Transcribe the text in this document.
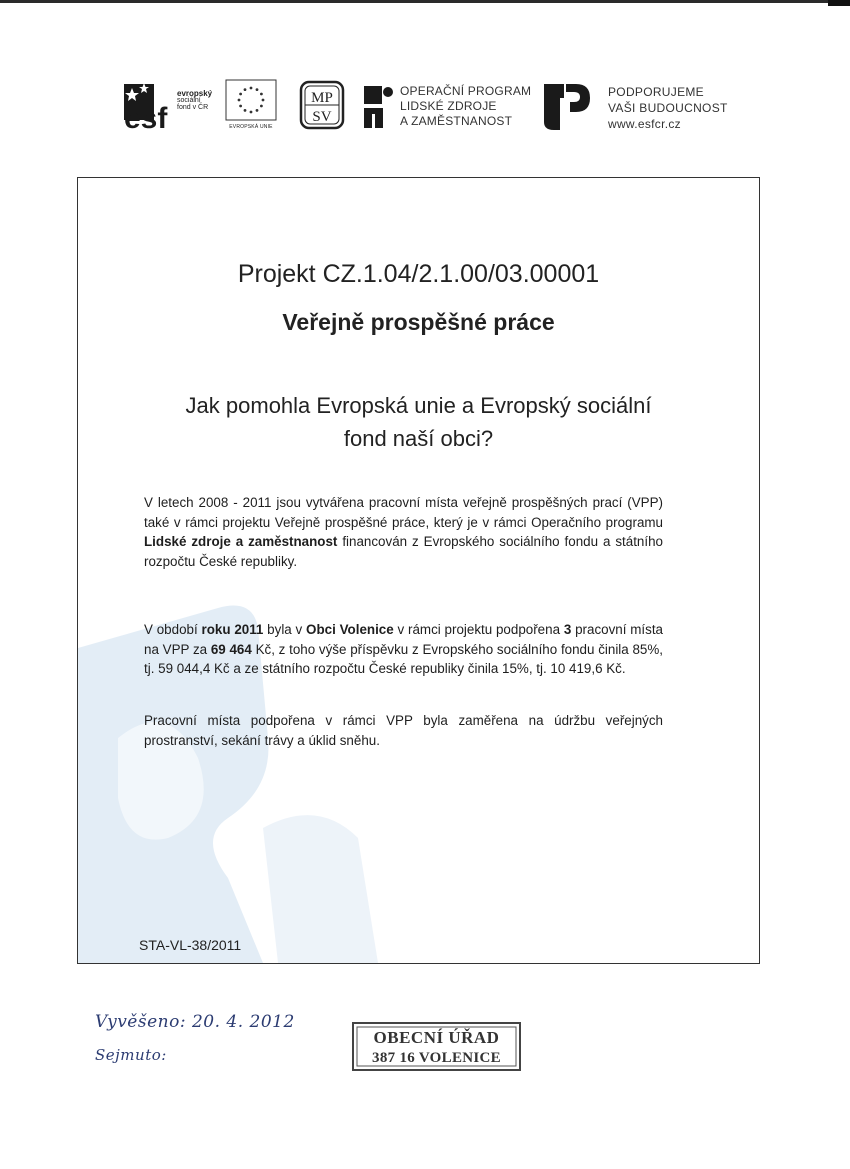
esf
evropský
sociální
fond v ČR
EVROPSKÁ UNIE
MP
SV
OPERAČNÍ PROGRAM
LIDSKÉ ZDROJE
A ZAMĚSTNANOST
PODPORUJEME
VAŠI BUDOUCNOST
www.esfcr.cz
Projekt CZ.1.04/2.1.00/03.00001
Veřejně prospěšné práce
Jak pomohla Evropská unie a Evropský sociální
fond naší obci?
V letech 2008 - 2011 jsou vytvářena pracovní místa veřejně prospěšných prací (VPP) také v rámci projektu Veřejně prospěšné práce, který je v rámci Operačního programu Lidské zdroje a zaměstnanost financován z Evropského sociálního fondu a státního rozpočtu České republiky.
V období roku 2011 byla v Obci Volenice v rámci projektu podpořena 3 pracovní místa na VPP za 69 464 Kč, z toho výše příspěvku z Evropského sociálního fondu činila 85%, tj. 59 044,4 Kč a ze státního rozpočtu České republiky činila 15%, tj. 10 419,6 Kč.
Pracovní místa podpořena v rámci VPP byla zaměřena na údržbu veřejných prostranství, sekání trávy a úklid sněhu.
STA-VL-38/2011
Vyvěšeno: 20. 4. 2012
Sejmuto:
OBECNÍ ÚŘAD
387 16 VOLENICE
